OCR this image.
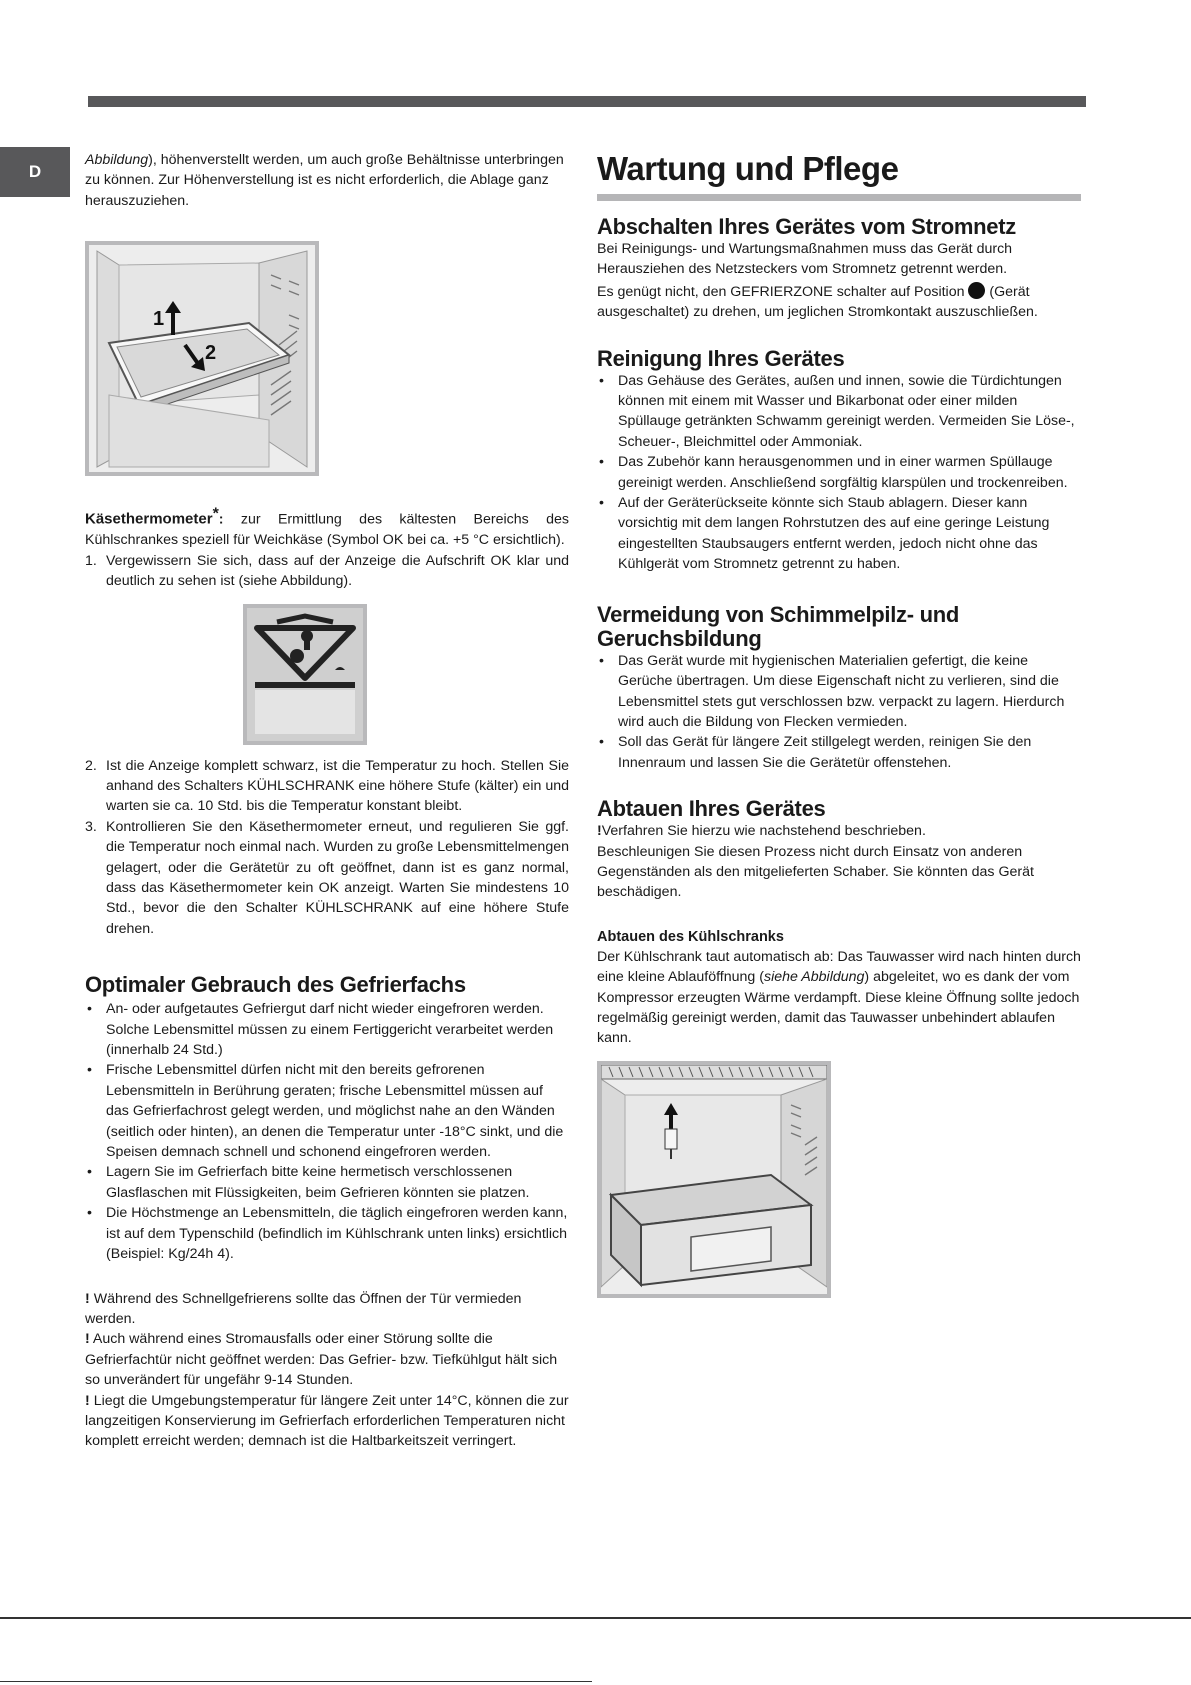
D

Abbildung), höhenverstellt werden, um auch große Behältnisse unterbringen zu können. Zur Höhenverstellung ist es nicht erforderlich, die Ablage ganz herauszuziehen.

1
2

Käsethermometer*: zur Ermittlung des kältesten Bereichs des Kühlschrankes speziell für Weichkäse (Symbol OK bei ca. +5 °C ersichtlich).

1. Vergewissern Sie sich, dass auf der Anzeige die Aufschrift OK klar und deutlich zu sehen ist (siehe Abbildung).
2. Ist die Anzeige komplett schwarz, ist die Temperatur zu hoch. Stellen Sie anhand des Schalters KÜHLSCHRANK eine höhere Stufe (kälter) ein und warten sie ca. 10 Std. bis die Temperatur konstant bleibt.
3. Kontrollieren Sie den Käsethermometer erneut, und regulieren Sie ggf. die Temperatur noch einmal nach. Wurden zu große Lebensmittelmengen gelagert, oder die Gerätetür zu oft geöffnet, dann ist es ganz normal, dass das Käsethermometer kein OK anzeigt. Warten Sie mindestens 10 Std., bevor die den Schalter KÜHLSCHRANK auf eine höhere Stufe drehen.
Optimaler Gebrauch des Gefrierfachs
• An- oder aufgetautes Gefriergut darf nicht wieder eingefroren werden. Solche Lebensmittel müssen zu einem Fertiggericht verarbeitet werden (innerhalb 24 Std.)
• Frische Lebensmittel dürfen nicht mit den bereits gefrorenen Lebensmitteln in Berührung geraten; frische Lebensmittel müssen auf das Gefrierfachrost gelegt werden, und möglichst nahe an den Wänden (seitlich oder hinten), an denen die Temperatur unter -18°C sinkt, und die Speisen demnach schnell und schonend eingefroren werden.
• Lagern Sie im Gefrierfach bitte keine hermetisch verschlossenen Glasflaschen mit Flüssigkeiten, beim Gefrieren könnten sie platzen.
• Die Höchstmenge an Lebensmitteln, die täglich eingefroren werden kann, ist auf dem Typenschild (befindlich im Kühlschrank unten links) ersichtlich (Beispiel: Kg/24h 4).

! Während des Schnellgefrierens sollte das Öffnen der Tür vermieden werden.

! Auch während eines Stromausfalls oder einer Störung sollte die Gefrierfachtür nicht geöffnet werden: Das Gefrier- bzw. Tiefkühlgut hält sich so unverändert für ungefähr 9-14 Stunden.

! Liegt die Umgebungstemperatur für längere Zeit unter 14°C, können die zur langzeitigen Konservierung im Gefrierfach erforderlichen Temperaturen nicht komplett erreicht werden; demnach ist die Haltbarkeitszeit verringert.

Wartung und Pflege
Abschalten Ihres Gerätes vom Stromnetz

Bei Reinigungs- und Wartungsmaßnahmen muss das Gerät durch Herausziehen des Netzsteckers vom Stromnetz getrennt werden.

Es genügt nicht, den GEFRIERZONE schalter auf Position  (Gerät ausgeschaltet) zu drehen, um jeglichen Stromkontakt auszuschließen.

Reinigung Ihres Gerätes
• Das Gehäuse des Gerätes, außen und innen, sowie die Türdichtungen können mit einem mit Wasser und Bikarbonat oder einer milden Spüllauge getränkten Schwamm gereinigt werden. Vermeiden Sie Löse-, Scheuer-, Bleichmittel oder Ammoniak.
• Das Zubehör kann herausgenommen und in einer warmen Spüllauge gereinigt werden. Anschließend sorgfältig klarspülen und trockenreiben.
• Auf der Geräterückseite könnte sich Staub ablagern. Dieser kann vorsichtig mit dem langen Rohrstutzen des auf eine geringe Leistung eingestellten Staubsaugers entfernt werden, jedoch nicht ohne das Kühlgerät vom Stromnetz getrennt zu haben.
Vermeidung von Schimmelpilz- und Geruchsbildung
• Das Gerät wurde mit hygienischen Materialien gefertigt, die keine Gerüche übertragen. Um diese Eigenschaft nicht zu verlieren, sind die Lebensmittel stets gut verschlossen bzw. verpackt zu lagern. Hierdurch wird auch die Bildung von Flecken vermieden.
• Soll das Gerät für längere Zeit stillgelegt werden, reinigen Sie den Innenraum und lassen Sie die Gerätetür offenstehen.
Abtauen Ihres Gerätes

!Verfahren Sie hierzu wie nachstehend beschrieben.

Beschleunigen Sie diesen Prozess nicht durch Einsatz von anderen Gegenständen als den mitgelieferten Schaber. Sie könnten das Gerät beschädigen.

Abtauen des Kühlschranks

Der Kühlschrank taut automatisch ab: Das Tauwasser wird nach hinten durch eine kleine Ablauföffnung (siehe Abbildung) abgeleitet, wo es dank der vom Kompressor erzeugten Wärme verdampft. Diese kleine Öffnung sollte jedoch regelmäßig gereinigt werden, damit das Tauwasser unbehindert ablaufen kann.
